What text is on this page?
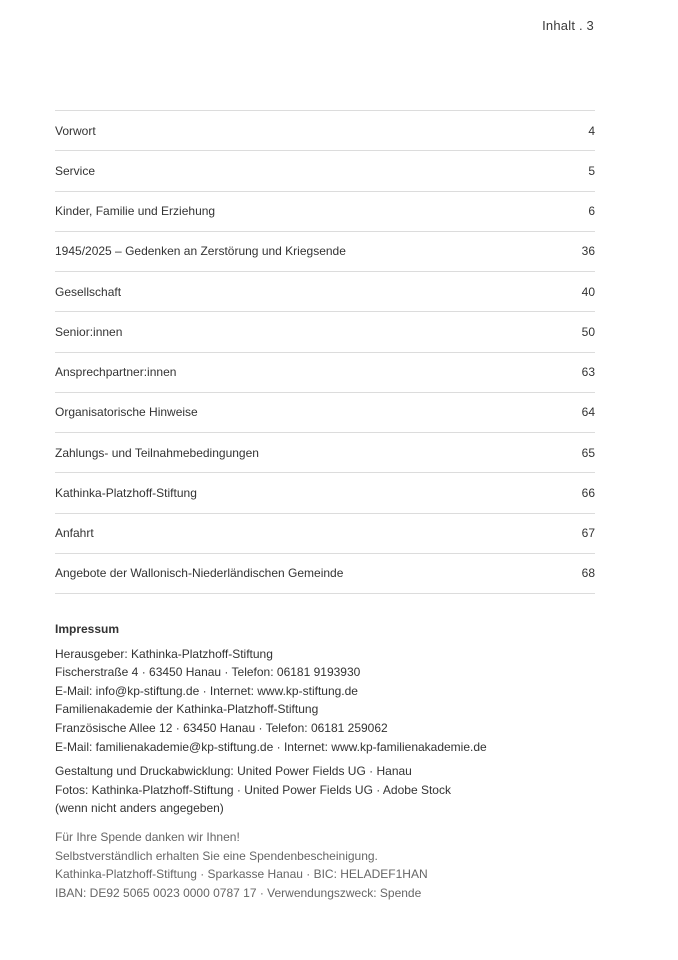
Inhalt . 3
Vorwort	4
Service	5
Kinder, Familie und Erziehung	6
1945/2025 – Gedenken an Zerstörung und Kriegsende	36
Gesellschaft	40
Senior:innen	50
Ansprechpartner:innen	63
Organisatorische Hinweise	64
Zahlungs- und Teilnahmebedingungen	65
Kathinka-Platzhoff-Stiftung	66
Anfahrt	67
Angebote der Wallonisch-Niederländischen Gemeinde	68
Impressum
Herausgeber: Kathinka-Platzhoff-Stiftung
Fischerstraße 4 · 63450 Hanau · Telefon: 06181 9193930
E-Mail: info@kp-stiftung.de · Internet: www.kp-stiftung.de
Familienakademie der Kathinka-Platzhoff-Stiftung
Französische Allee 12 · 63450 Hanau · Telefon: 06181 259062
E-Mail: familienakademie@kp-stiftung.de · Internet: www.kp-familienakademie.de
Gestaltung und Druckabwicklung: United Power Fields UG · Hanau
Fotos: Kathinka-Platzhoff-Stiftung · United Power Fields UG · Adobe Stock
(wenn nicht anders angegeben)
Für Ihre Spende danken wir Ihnen!
Selbstverständlich erhalten Sie eine Spendenbescheinigung.
Kathinka-Platzhoff-Stiftung · Sparkasse Hanau · BIC: HELADEF1HAN
IBAN: DE92 5065 0023 0000 0787 17 · Verwendungszweck: Spende
